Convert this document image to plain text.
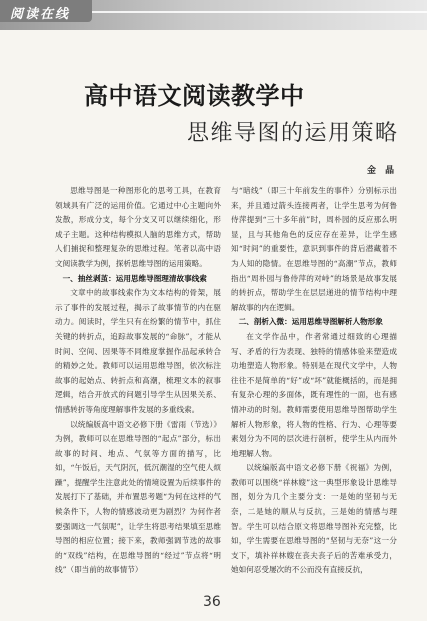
阅读在线
高中语文阅读教学中
思维导图的运用策略
金 晶

思维导图是一种图形化的思考工具，在教育领域具有广泛的运用价值。它通过中心主题向外发散，形成分支，每个分支又可以继续细化，形成子主题。这种结构模拟人脑的思维方式，帮助人们捕捉和整理复杂的思维过程。笔者以高中语文阅读教学为例，探析思维导图的运用策略。

一、抽丝剥茧：运用思维导图理清故事线索

文章中的故事线索作为文本结构的骨架，展示了事件的发展过程，揭示了故事情节的内在驱动力。阅读时，学生只有在纷繁的情节中，抓住关键的转折点，追踪故事发展的“命脉”，才能从时间、空间、因果等不同维度掌握作品起承转合的精妙之处。教师可以运用思维导图，依次标注故事的起始点、转折点和高潮，梳理文本的叙事逻辑，结合开放式的问题引导学生从因果关系、情感转折等角度理解事件发展的多重线索。

以统编版高中语文必修下册《雷雨（节选）》为例，教师可以在思维导图的“起点”部分，标出故事的时间、地点、气氛等方面的描写，比如，“午饭后，天气阴沉，低沉潮湿的空气使人烦躁”，提醒学生注意此处的情境设置为后续事件的发展打下了基础，并布置思考题“为何在这样的气候条件下，人物的情感波动更为剧烈？为何作者要强调这一气氛呢”，让学生将思考结果填至思维导图的相应位置；接下来，教师强调节选的故事的“双线”结构，在思维导图的“经过”节点将“明线”（即当前的故事情节）

与“暗线”（即三十年前发生的事件）分别标示出来，并且通过箭头连接两者，让学生思考为何鲁侍萍提到“三十多年前”时，周朴园的反应那么明显，且与其他角色的反应存在差异，让学生感知“时间”的重要性，意识到事件的背后潜藏着不为人知的隐情。在思维导图的“高潮”节点，教师指出“周朴园与鲁侍萍的对峙”的场景是故事发展的转折点，帮助学生在层层递进的情节结构中理解故事的内在逻辑。

二、剖析入微：运用思维导图解析人物形象

在文学作品中，作者常通过细致的心理描写、矛盾的行为表现、独特的情感体验来塑造成功地塑造人物形象。特别是在现代文学中，人物往往不是简单的“好”或“坏”就能概括的，而是拥有复杂心理的多面体，既有理性的一面，也有感情冲动的时刻。教师需要使用思维导图帮助学生解析人物形象，将人物的性格、行为、心理等要素划分为不同的层次进行剖析，使学生从内而外地理解人物。

以统编版高中语文必修下册《祝福》为例，教师可以围绕“祥林嫂”这一典型形象设计思维导图，划分为几个主要分支：一是她的坚韧与无奈，二是她的顺从与反抗，三是她的情感与理智。学生可以结合原文将思维导图补充完整，比如，学生需要在思维导图的“坚韧与无奈”这一分支下，填补祥林嫂在丧夫丧子后的苦难承受力，她如何忍受屡次的不公而没有直接反抗，

36
